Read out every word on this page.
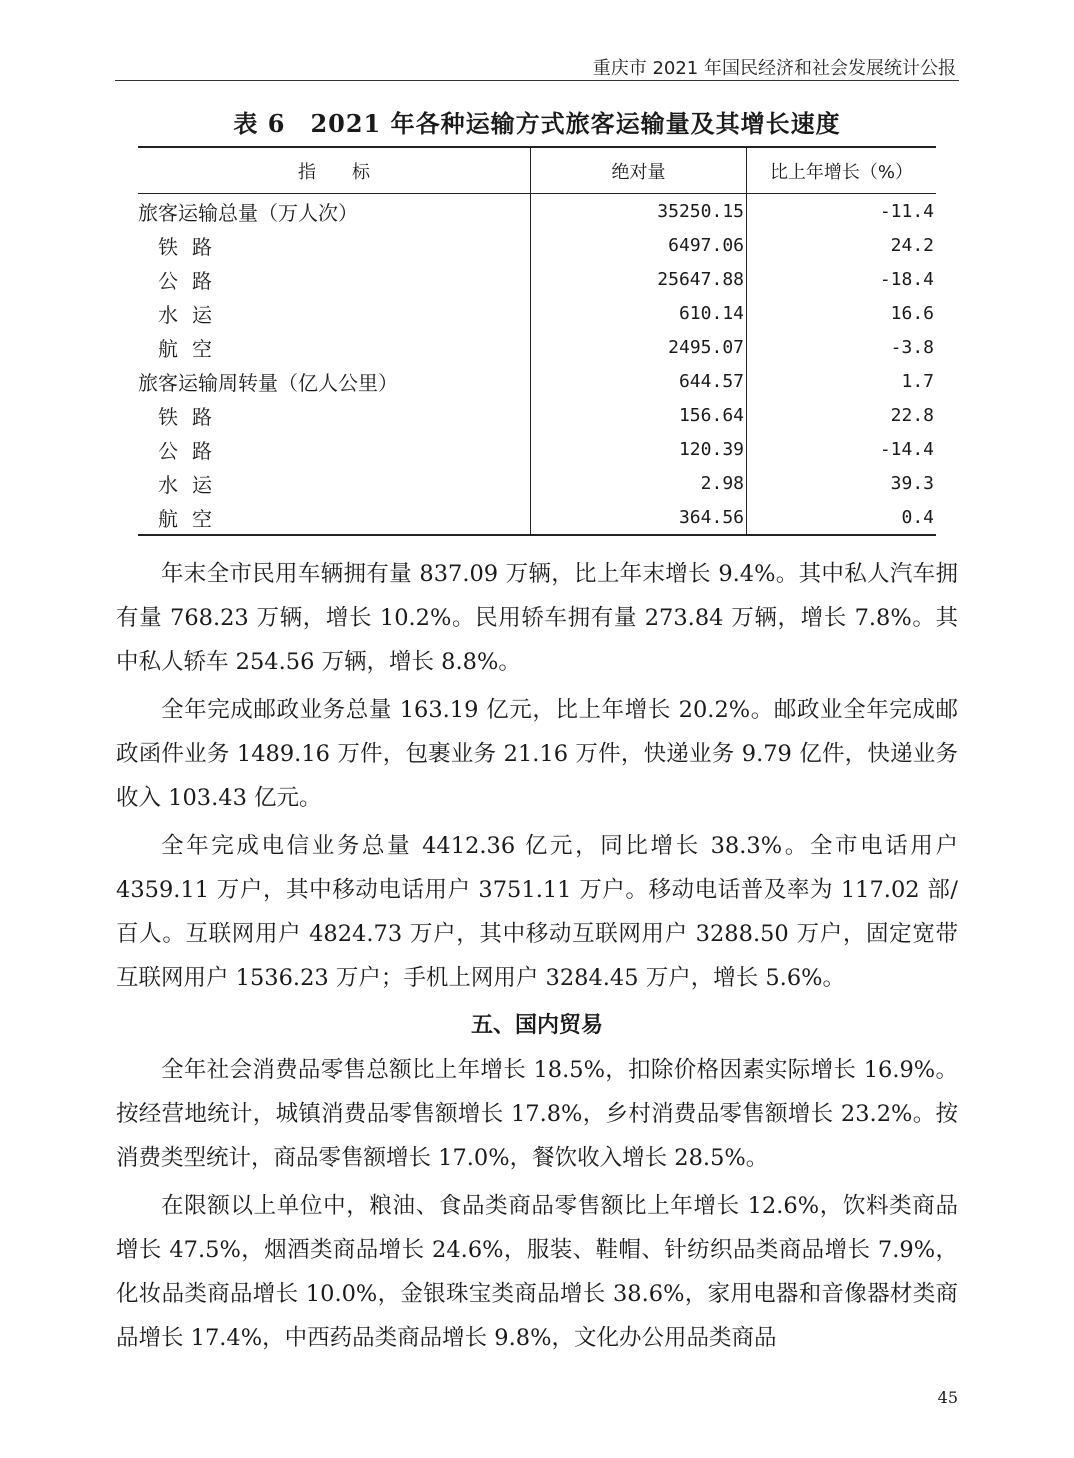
重庆市 2021 年国民经济和社会发展统计公报
表 6　2021 年各种运输方式旅客运输量及其增长速度
指　　标	绝对量	比上年增长（%）
旅客运输总量（万人次）	35250.15	-11.4
铁路	6497.06	24.2
公路	25647.88	-18.4
水运	610.14	16.6
航空	2495.07	-3.8
旅客运输周转量（亿人公里）	644.57	1.7
铁路	156.64	22.8
公路	120.39	-14.4
水运	2.98	39.3
航空	364.56	0.4

年末全市民用车辆拥有量 837.09 万辆，比上年末增长 9.4%。其中私人汽车拥有量 768.23 万辆，增长 10.2%。民用轿车拥有量 273.84 万辆，增长 7.8%。其中私人轿车 254.56 万辆，增长 8.8%。

全年完成邮政业务总量 163.19 亿元，比上年增长 20.2%。邮政业全年完成邮政函件业务 1489.16 万件，包裹业务 21.16 万件，快递业务 9.79 亿件，快递业务收入 103.43 亿元。

全年完成电信业务总量 4412.36 亿元，同比增长 38.3%。全市电话用户 4359.11 万户，其中移动电话用户 3751.11 万户。移动电话普及率为 117.02 部/百人。互联网用户 4824.73 万户，其中移动互联网用户 3288.50 万户，固定宽带互联网用户 1536.23 万户；手机上网用户 3284.45 万户，增长 5.6%。

五、国内贸易

全年社会消费品零售总额比上年增长 18.5%，扣除价格因素实际增长 16.9%。按经营地统计，城镇消费品零售额增长 17.8%，乡村消费品零售额增长 23.2%。按消费类型统计，商品零售额增长 17.0%，餐饮收入增长 28.5%。

在限额以上单位中，粮油、食品类商品零售额比上年增长 12.6%，饮料类商品增长 47.5%，烟酒类商品增长 24.6%，服装、鞋帽、针纺织品类商品增长 7.9%，化妆品类商品增长 10.0%，金银珠宝类商品增长 38.6%，家用电器和音像器材类商品增长 17.4%，中西药品类商品增长 9.8%，文化办公用品类商品

45
